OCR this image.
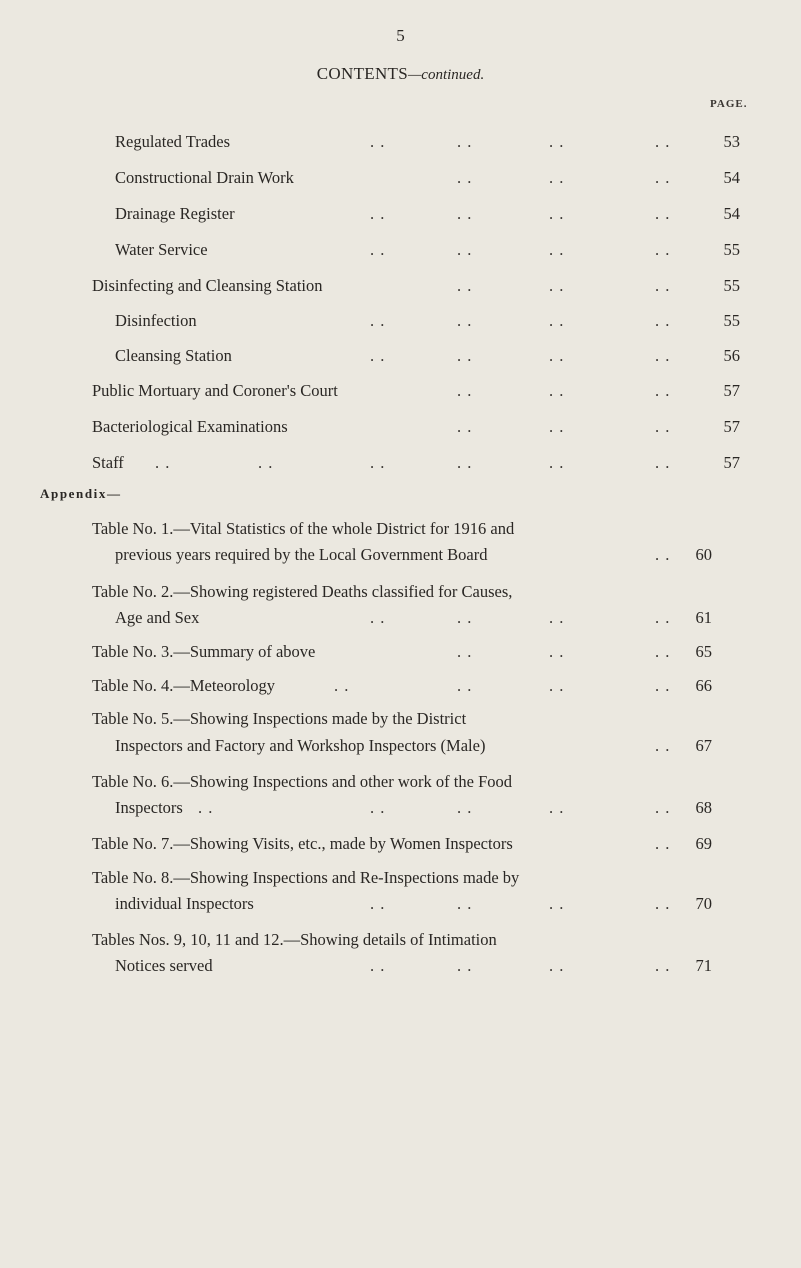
5
CONTENTS—continued.
PAGE.
Regulated Trades	. .	. .	. .	. .	53
Constructional Drain Work	. .	. .	. .	54
Drainage Register	. .	. .	. .	. .	54
Water Service	. .	. .	. .	. .	55
Disinfecting and Cleansing Station	. .	. .	. .	55
Disinfection	. .	. .	. .	. .	55
Cleansing Station	. .	. .	. .	. .	56
Public Mortuary and Coroner's Court	. .	. .	. .	57
Bacteriological Examinations	. .	. .	. .	57
Staff . .	. .	. .	. .	. .	. .	57
Appendix—
Table No. 1.—Vital Statistics of the whole District for 1916 and
previous years required by the Local Government Board	. .	60
Table No. 2.—Showing registered Deaths classified for Causes,
Age and Sex	. .	. .	. .	. .	61
Table No. 3.—Summary of above	. .	. .	. .	65
Table No. 4.—Meteorology	. .	. .	. .	. .	66
Table No. 5.—Showing Inspections made by the District
Inspectors and Factory and Workshop Inspectors (Male)	. .	67
Table No. 6.—Showing Inspections and other work of the Food
Inspectors . .	. .	. .	. .	. .	68
Table No. 7.—Showing Visits, etc., made by Women Inspectors	. .	69
Table No. 8.—Showing Inspections and Re-Inspections made by
individual Inspectors	. .	. .	. .	. .	70
Tables Nos. 9, 10, 11 and 12.—Showing details of Intimation
Notices served	. .	. .	. .	. .	71
